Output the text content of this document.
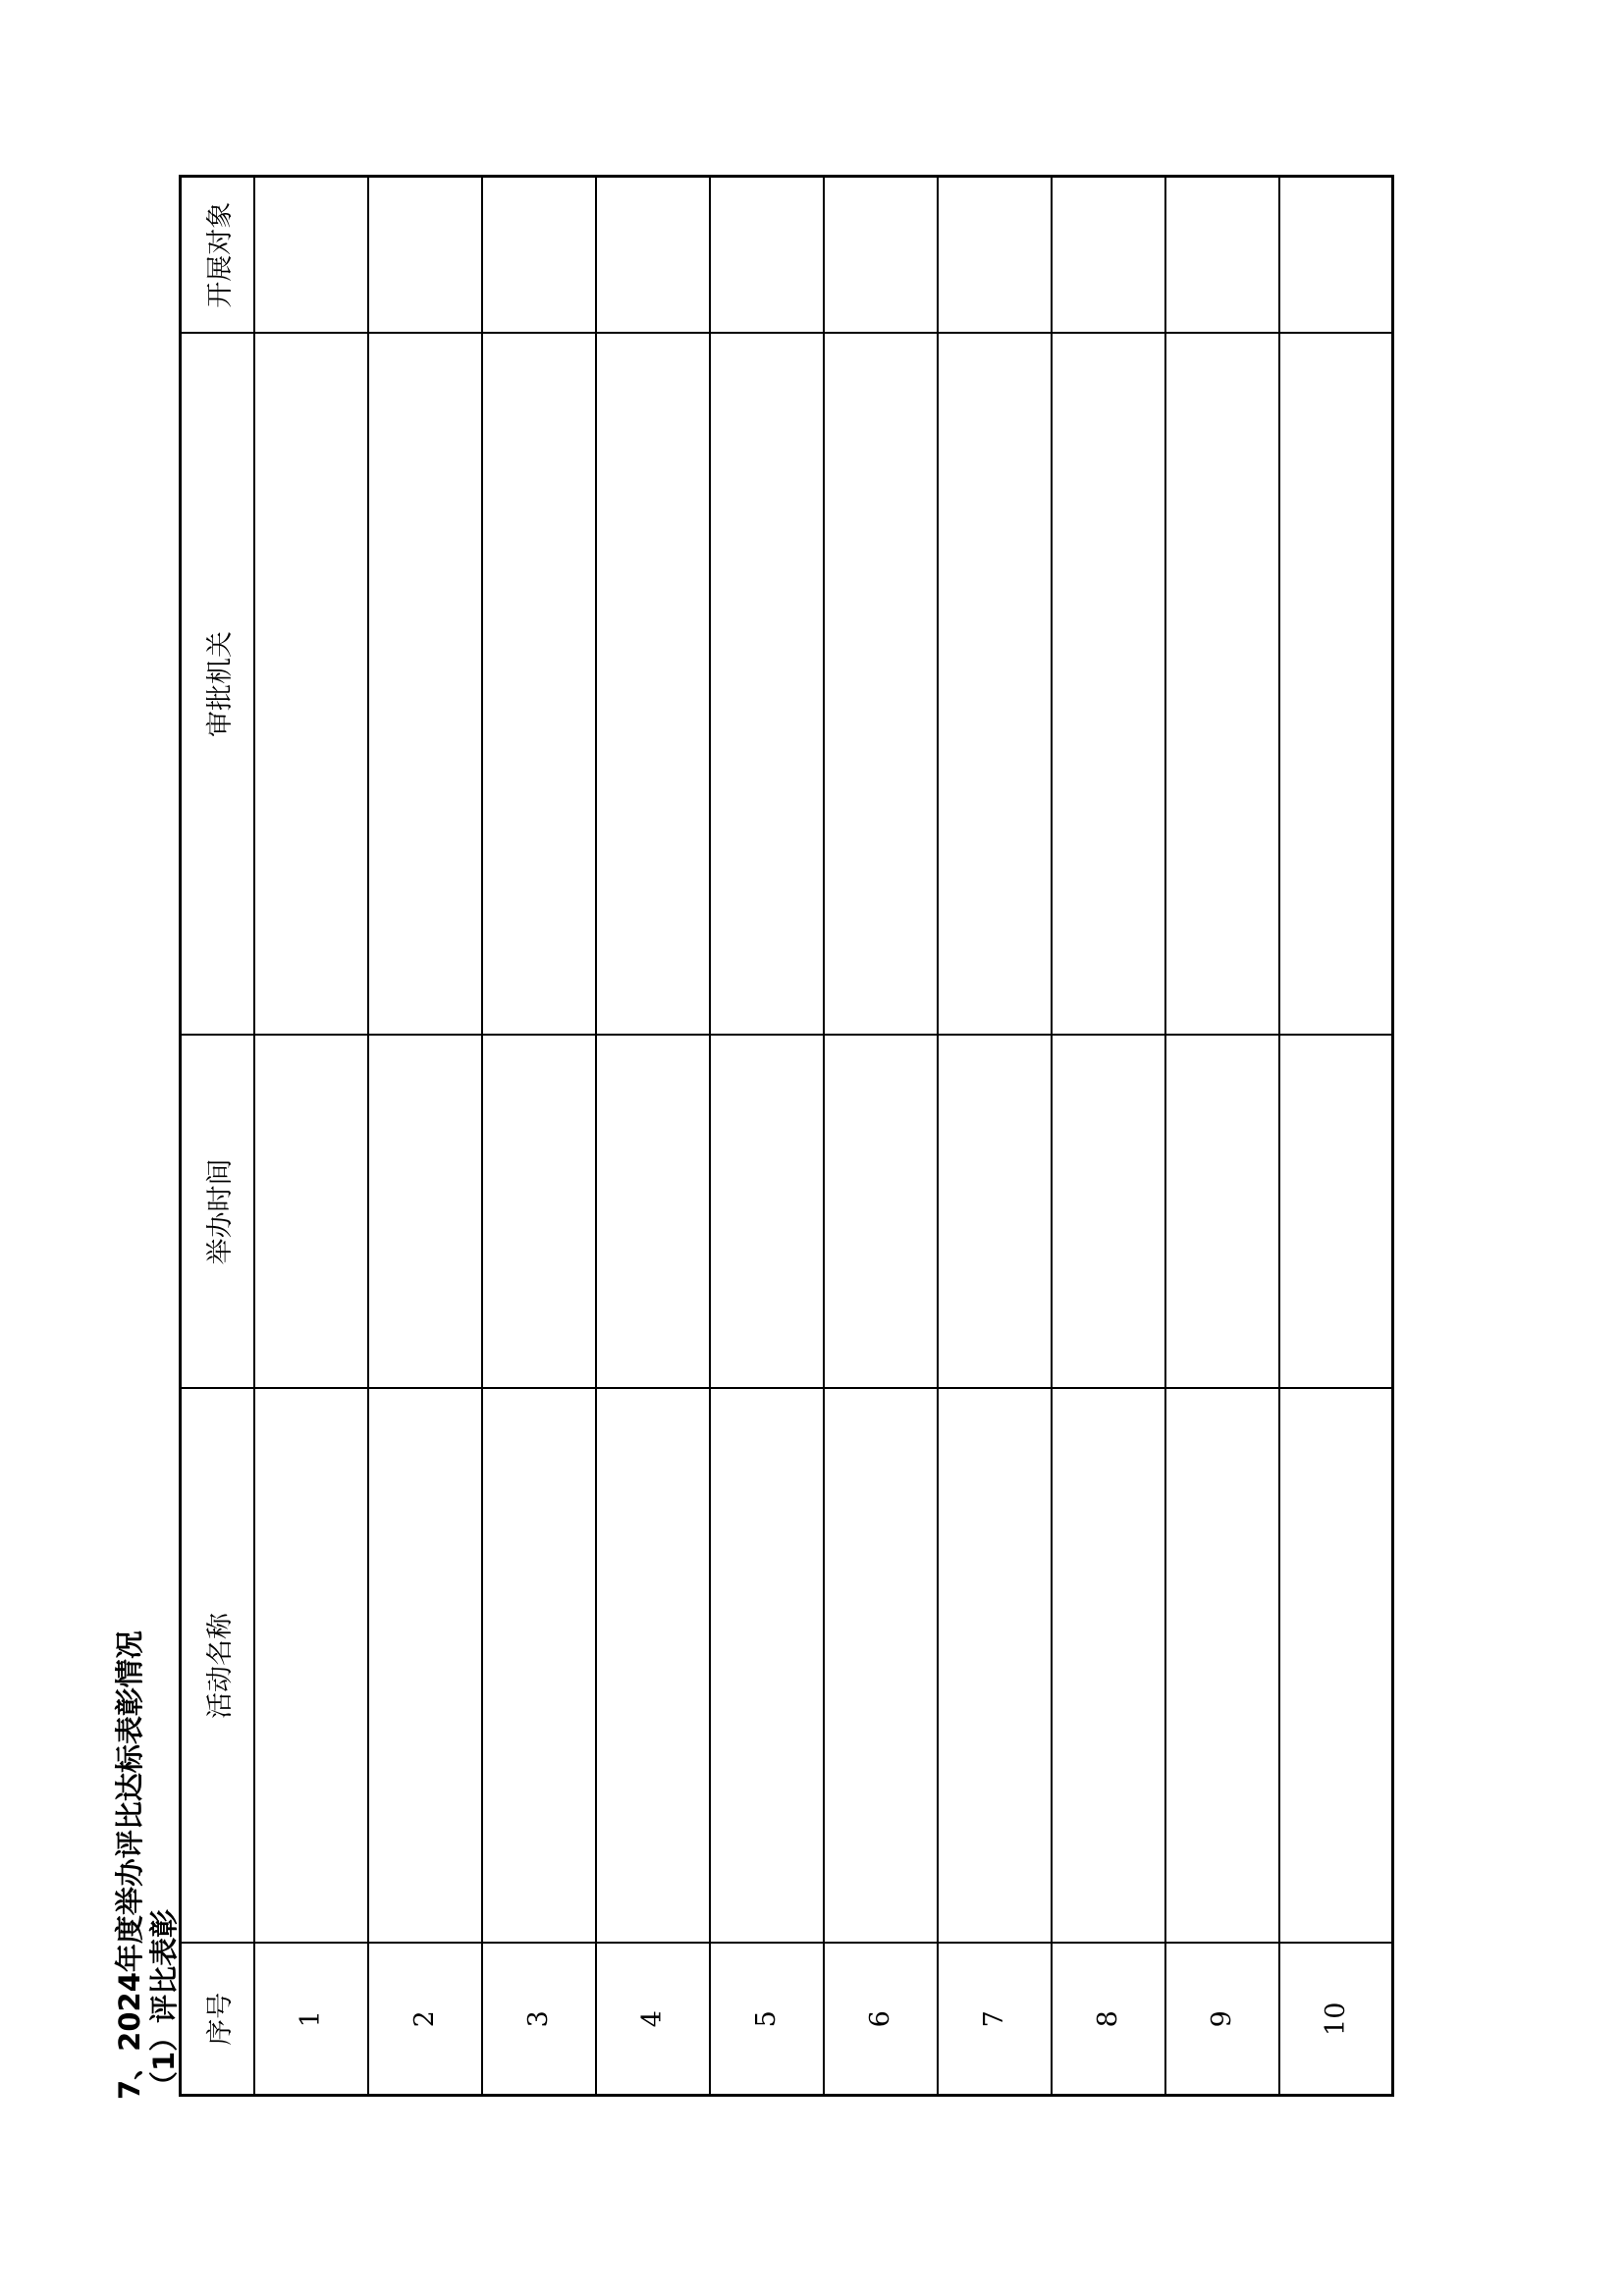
7、2024年度举办评比达标表彰情况 （1）评比表彰 序号	活动名称	举办时间	审批机关	开展对象
1				
2				
3				
4				
5				
6				
7				
8				
9				
10				
